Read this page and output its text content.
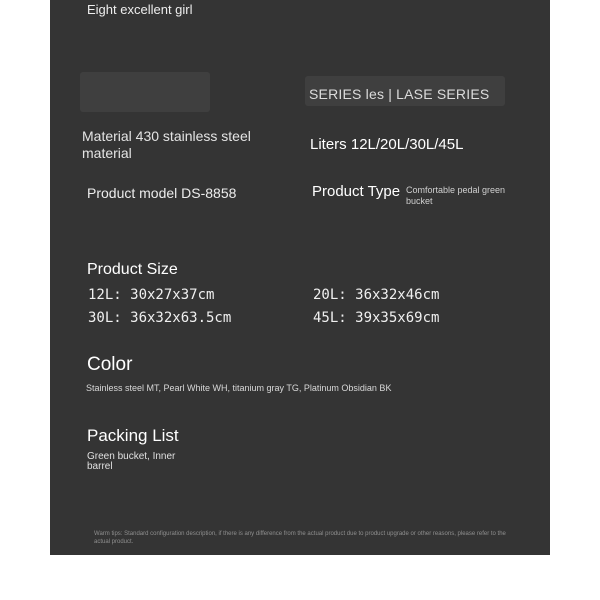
Eight excellent girl
SERIES les | LASE SERIES
Material 430 stainless steel material	Liters 12L/20L/30L/45L
Product model DS-8858	Product Type Comfortable pedal green bucket
Product Size
12L: 30x27x37cm	20L: 36x32x46cm
30L: 36x32x63.5cm	45L: 39x35x69cm
Color
Stainless steel MT, Pearl White WH, titanium gray TG, Platinum Obsidian BK
Packing List
Green bucket, Inner barrel
Warm tips: Standard configuration description, if there is any difference from the actual product due to product upgrade or other reasons, please refer to the actual product.
